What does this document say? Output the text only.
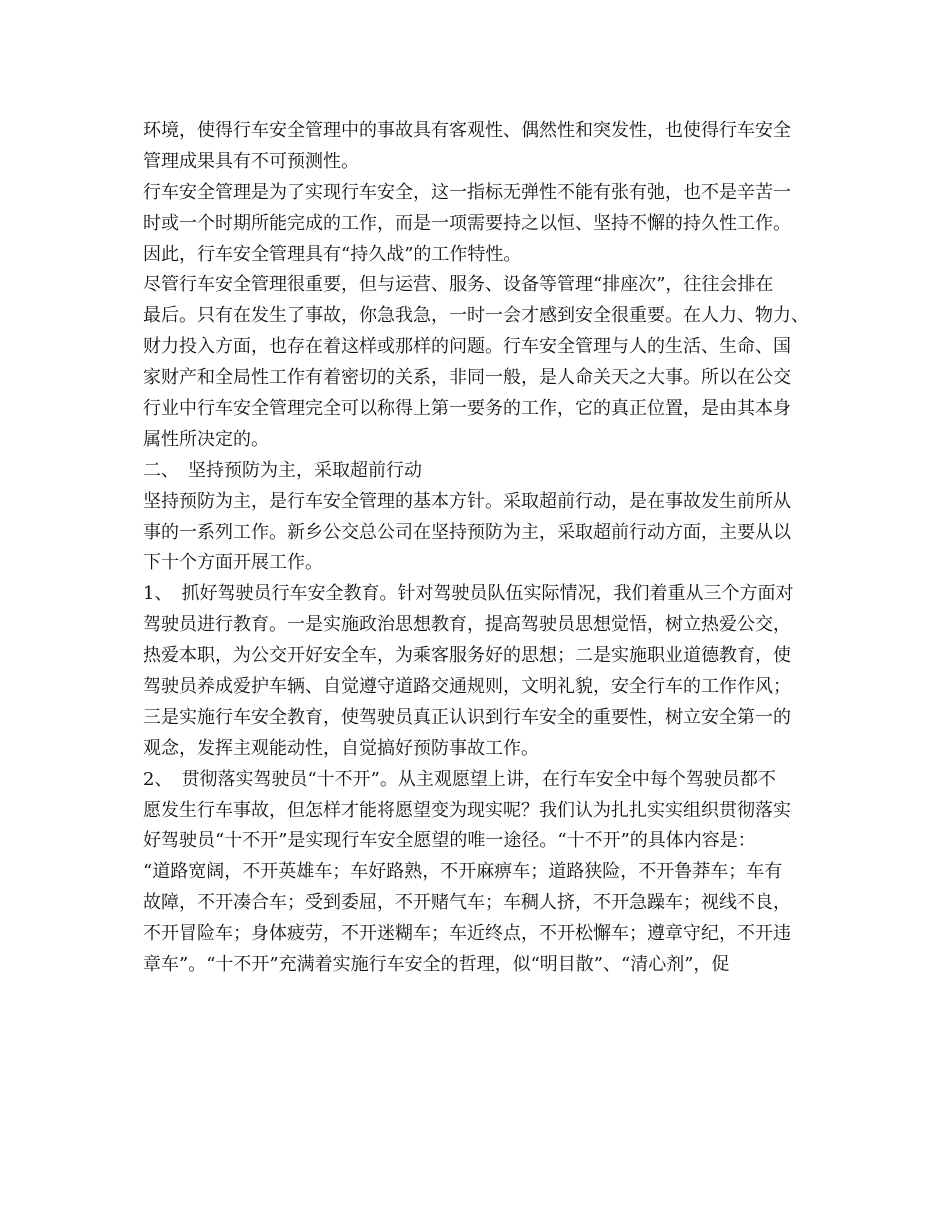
环境，使得行车安全管理中的事故具有客观性、偶然性和突发性，也使得行车安全
管理成果具有不可预测性。
行车安全管理是为了实现行车安全，这一指标无弹性不能有张有弛，也不是辛苦一
时或一个时期所能完成的工作，而是一项需要持之以恒、坚持不懈的持久性工作。
因此，行车安全管理具有“持久战”的工作特性。
尽管行车安全管理很重要，但与运营、服务、设备等管理“排座次”，往往会排在
最后。只有在发生了事故，你急我急，一时一会才感到安全很重要。在人力、物力、
财力投入方面，也存在着这样或那样的问题。行车安全管理与人的生活、生命、国
家财产和全局性工作有着密切的关系，非同一般，是人命关天之大事。所以在公交
行业中行车安全管理完全可以称得上第一要务的工作，它的真正位置，是由其本身
属性所决定的。
二、　坚持预防为主，采取超前行动
坚持预防为主，是行车安全管理的基本方针。采取超前行动，是在事故发生前所从
事的一系列工作。新乡公交总公司在坚持预防为主，采取超前行动方面，主要从以
下十个方面开展工作。
1、　抓好驾驶员行车安全教育。针对驾驶员队伍实际情况，我们着重从三个方面对
驾驶员进行教育。一是实施政治思想教育，提高驾驶员思想觉悟，树立热爱公交，
热爱本职，为公交开好安全车，为乘客服务好的思想；二是实施职业道德教育，使
驾驶员养成爱护车辆、自觉遵守道路交通规则，文明礼貌，安全行车的工作作风；
三是实施行车安全教育，使驾驶员真正认识到行车安全的重要性，树立安全第一的
观念，发挥主观能动性，自觉搞好预防事故工作。
2、　贯彻落实驾驶员“十不开”。从主观愿望上讲，在行车安全中每个驾驶员都不
愿发生行车事故，但怎样才能将愿望变为现实呢？我们认为扎扎实实组织贯彻落实
好驾驶员“十不开”是实现行车安全愿望的唯一途径。“十不开”的具体内容是：
“道路宽阔，不开英雄车；车好路熟，不开麻痹车；道路狭险，不开鲁莽车；车有
故障，不开凑合车；受到委屈，不开赌气车；车稠人挤，不开急躁车；视线不良，
不开冒险车；身体疲劳，不开迷糊车；车近终点，不开松懈车；遵章守纪，不开违
章车”。“十不开”充满着实施行车安全的哲理，似“明目散”、“清心剂”，促
